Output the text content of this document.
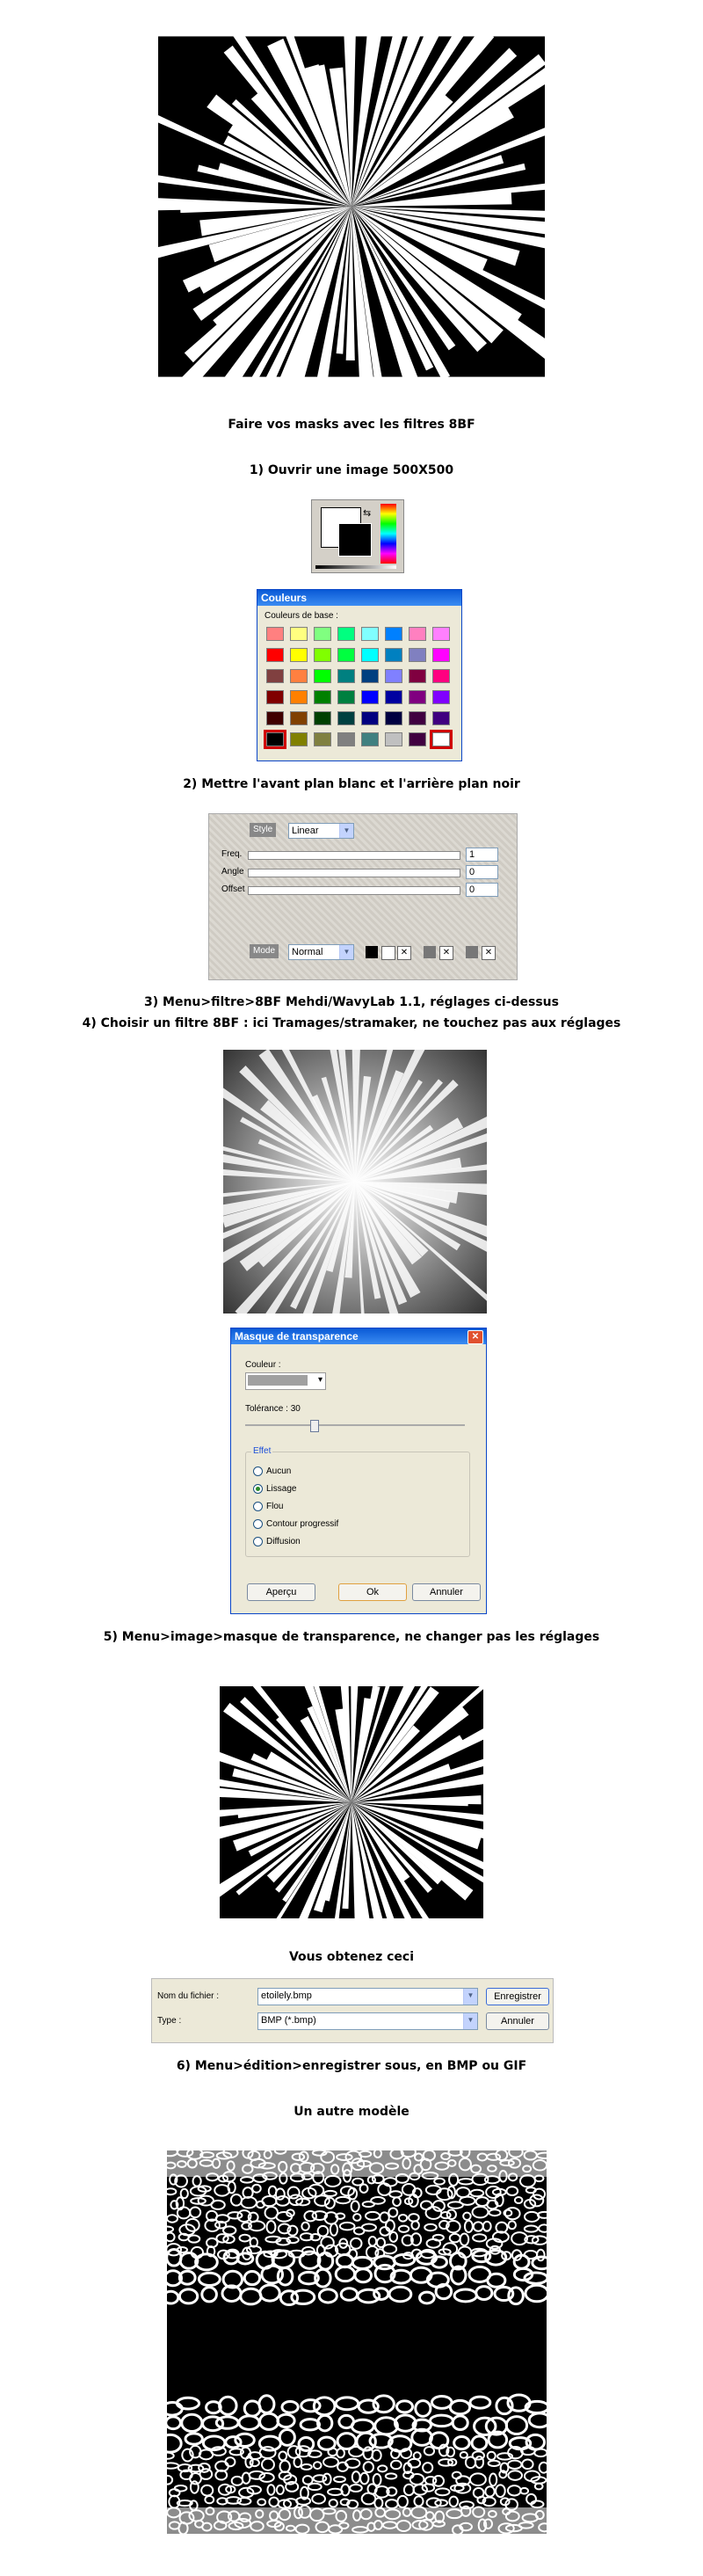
Faire vos masks avec les filtres 8BF
1) Ouvrir une image 500X500
⇆
Couleurs
Couleurs de base :
2) Mettre l'avant plan blanc et l'arrière plan noir
Style	Linear	▼
Freq.	1
Angle	0
Offset	0
Mode	Normal	▼	✕	✕	✕
3) Menu>filtre>8BF Mehdi/WavyLab 1.1, réglages ci-dessus
4) Choisir un filtre 8BF : ici Tramages/stramaker, ne touchez pas aux réglages
Masque de transparence	✕
Couleur :
▾
Tolérance : 30
Effet
Aucun
Lissage
Flou
Contour progressif
Diffusion
Aperçu	Ok	Annuler
5) Menu>image>masque de transparence, ne changer pas les réglages
Vous obtenez ceci
Nom du fichier :	etoilely.bmp	▼
Type :	BMP (*.bmp)	▼
Enregistrer
Annuler
6) Menu>édition>enregistrer sous, en BMP ou GIF
Un autre modèle
